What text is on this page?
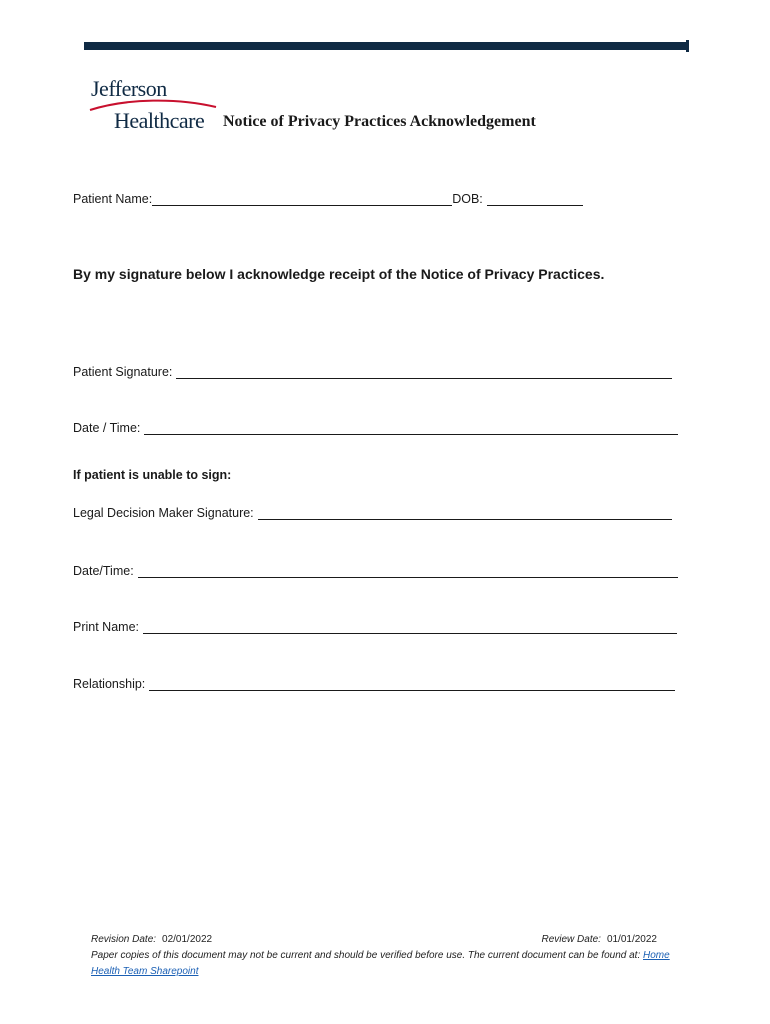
Jefferson
Healthcare Notice of Privacy Practices Acknowledgement
Patient Name:	DOB:
By my signature below I acknowledge receipt of the Notice of Privacy Practices.
Patient Signature:
Date / Time:
If patient is unable to sign:
Legal Decision Maker Signature:
Date/Time:
Print Name:
Relationship:
Revision Date: 02/01/2022	Review Date: 01/01/2022
Paper copies of this document may not be current and should be verified before use. The current document can be found at: Home Health Team Sharepoint
